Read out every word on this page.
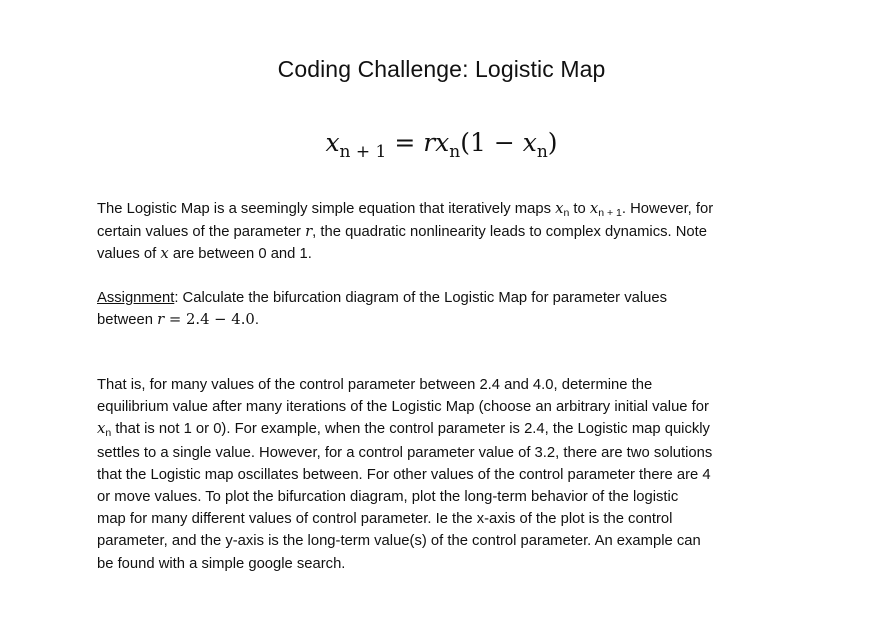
Coding Challenge: Logistic Map
$x_{n + 1} = rx_n(1 - x_n)$

The Logistic Map is a seemingly simple equation that iteratively maps $x_n$ to $x_{n + 1}$. However, for
certain values of the parameter r, the quadratic nonlinearity leads to complex dynamics. Note
values of x are between 0 and 1.

Assignment: Calculate the bifurcation diagram of the Logistic Map for parameter values
between r = 2.4 − 4.0.

That is, for many values of the control parameter between 2.4 and 4.0, determine the
equilibrium value after many iterations of the Logistic Map (choose an arbitrary initial value for
$x_n$ that is not 1 or 0). For example, when the control parameter is 2.4, the Logistic map quickly
settles to a single value. However, for a control parameter value of 3.2, there are two solutions
that the Logistic map oscillates between. For other values of the control parameter there are 4
or move values. To plot the bifurcation diagram, plot the long-term behavior of the logistic
map for many different values of control parameter. Ie the x-axis of the plot is the control
parameter, and the y-axis is the long-term value(s) of the control parameter. An example can
be found with a simple google search.
